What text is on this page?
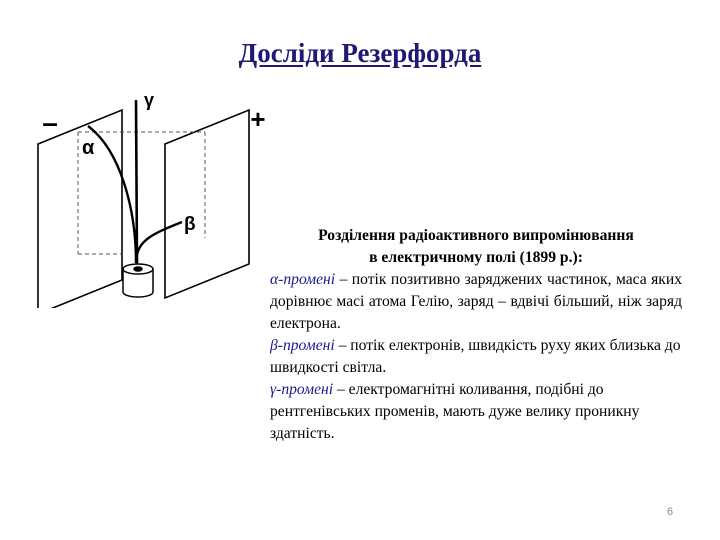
Досліди Резерфорда
–	+
γ
α
β
Розділення радіоактивного випромінювання
в електричному полі (1899 р.):
α-промені – потік позитивно заряджених частинок, маса яких дорівнює масі атома Гелію, заряд – вдвічі більший, ніж заряд електрона.
β-промені – потік електронів, швидкість руху яких близька до швидкості світла.
γ-промені – електромагнітні коливання, подібні до рентгенівських променів, мають дуже велику проникну здатність.
6
